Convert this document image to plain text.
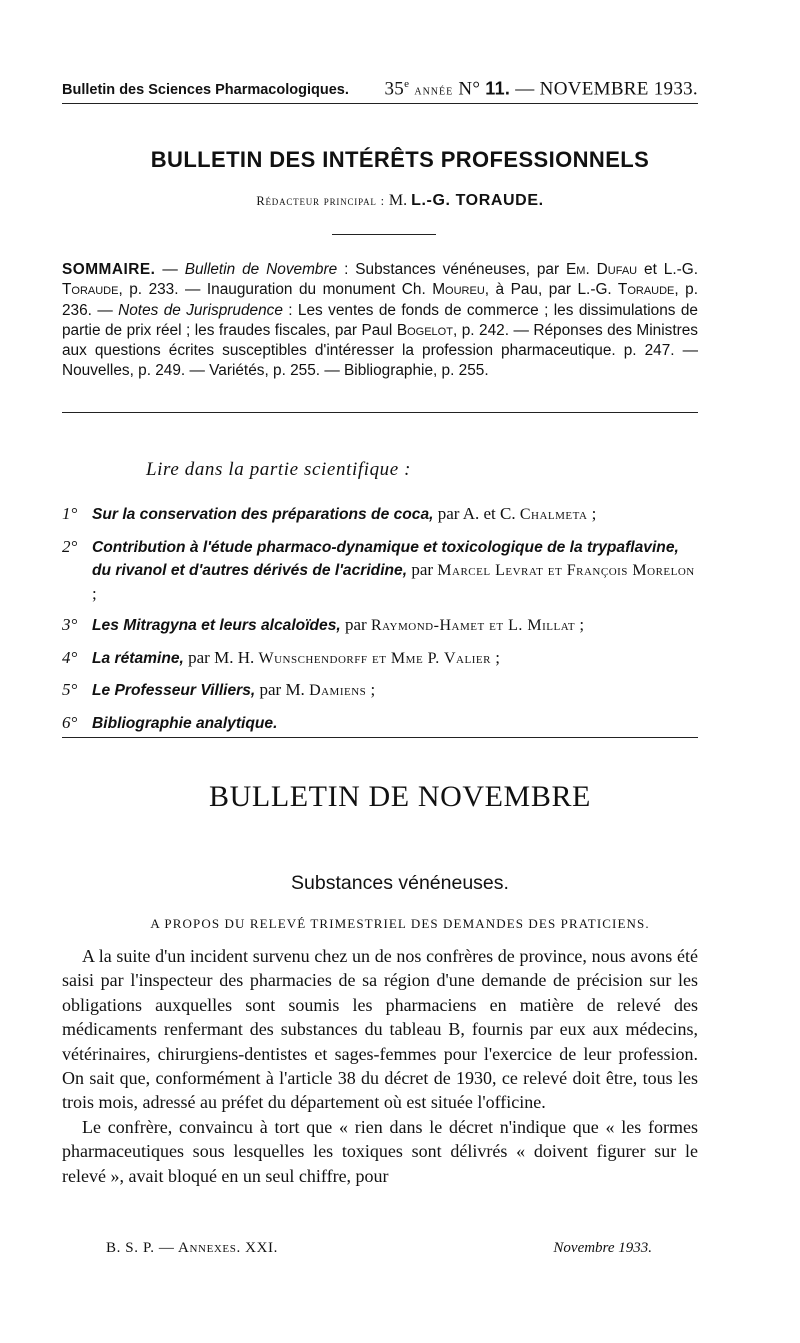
Bulletin des Sciences Pharmacologiques. 35e année N° 11. — NOVEMBRE 1933.
BULLETIN DES INTÉRÊTS PROFESSIONNELS
Rédacteur principal : M. L.-G. TORAUDE.
SOMMAIRE. — Bulletin de Novembre : Substances vénéneuses, par Em. Dufau et L.-G. Toraude, p. 233. — Inauguration du monument Ch. Moureu, à Pau, par L.-G. Toraude, p. 236. — Notes de Jurisprudence : Les ventes de fonds de commerce ; les dissimulations de partie de prix réel ; les fraudes fiscales, par Paul Bogelot, p. 242. — Réponses des Ministres aux questions écrites susceptibles d'intéresser la profession pharmaceutique. p. 247. — Nouvelles, p. 249. — Variétés, p. 255. — Bibliographie, p. 255.
Lire dans la partie scientifique :
1° Sur la conservation des préparations de coca, par A. et C. Chalmeta ;
2° Contribution à l'étude pharmaco-dynamique et toxicologique de la trypaflavine, du rivanol et d'autres dérivés de l'acridine, par Marcel Levrat et François Morelon ;
3° Les Mitragyna et leurs alcaloïdes, par Raymond-Hamet et L. Millat ;
4° La rétamine, par M. H. Wunschendorff et Mme P. Valier ;
5° Le Professeur Villiers, par M. Damiens ;
6° Bibliographie analytique.
BULLETIN DE NOVEMBRE
Substances vénéneuses.
A PROPOS DU RELEVÉ TRIMESTRIEL DES DEMANDES DES PRATICIENS.

A la suite d'un incident survenu chez un de nos confrères de province, nous avons été saisi par l'inspecteur des pharmacies de sa région d'une demande de précision sur les obligations auxquelles sont soumis les pharmaciens en matière de relevé des médicaments renfermant des substances du tableau B, fournis par eux aux médecins, vétérinaires, chirurgiens-dentistes et sages-femmes pour l'exercice de leur profession. On sait que, conformément à l'article 38 du décret de 1930, ce relevé doit être, tous les trois mois, adressé au préfet du département où est située l'officine.

Le confrère, convaincu à tort que « rien dans le décret n'indique que « les formes pharmaceutiques sous lesquelles les toxiques sont délivrés « doivent figurer sur le relevé », avait bloqué en un seul chiffre, pour

B. S. P. — Annexes. XXI.	Novembre 1933.
